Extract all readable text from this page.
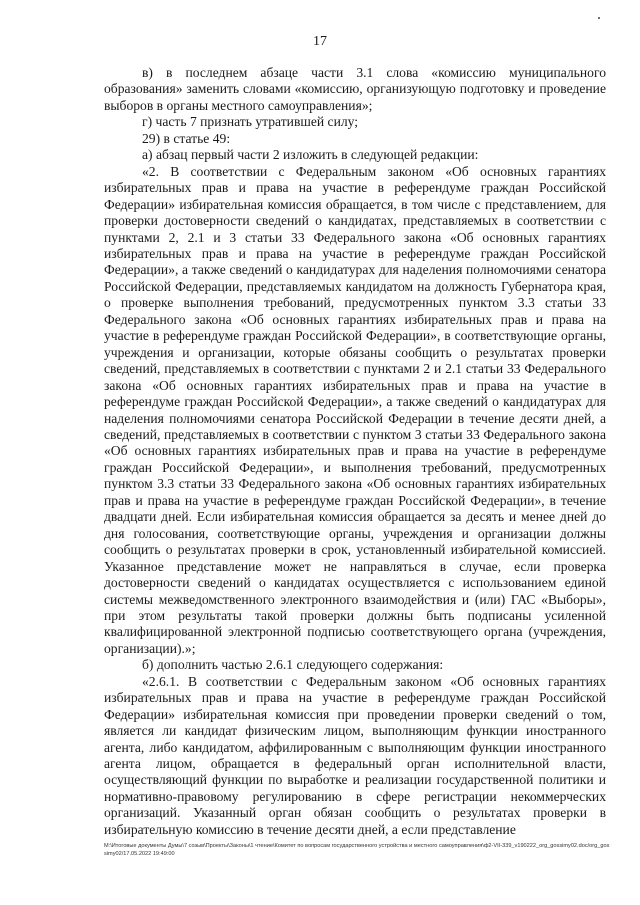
17

в) в последнем абзаце части 3.1 слова «комиссию муниципального образования» заменить словами «комиссию, организующую подготовку и проведение выборов в органы местного самоуправления»;

г) часть 7 признать утратившей силу;

29) в статье 49:

а) абзац первый части 2 изложить в следующей редакции:

«2. В соответствии с Федеральным законом «Об основных гарантиях избирательных прав и права на участие в референдуме граждан Российской Федерации» избирательная комиссия обращается, в том числе с представлением, для проверки достоверности сведений о кандидатах, представляемых в соответствии с пунктами 2, 2.1 и 3 статьи 33 Федерального закона «Об основных гарантиях избирательных прав и права на участие в референдуме граждан Российской Федерации», а также сведений о кандидатурах для наделения полномочиями сенатора Российской Федерации, представляемых кандидатом на должность Губернатора края, о проверке выполнения требований, предусмотренных пунктом 3.3 статьи 33 Федерального закона «Об основных гарантиях избирательных прав и права на участие в референдуме граждан Российской Федерации», в соответствующие органы, учреждения и организации, которые обязаны сообщить о результатах проверки сведений, представляемых в соответствии с пунктами 2 и 2.1 статьи 33 Федерального закона «Об основных гарантиях избирательных прав и права на участие в референдуме граждан Российской Федерации», а также сведений о кандидатурах для наделения полномочиями сенатора Российской Федерации в течение десяти дней, а сведений, представляемых в соответствии с пунктом 3 статьи 33 Федерального закона «Об основных гарантиях избирательных прав и права на участие в референдуме граждан Российской Федерации», и выполнения требований, предусмотренных пунктом 3.3 статьи 33 Федерального закона «Об основных гарантиях избирательных прав и права на участие в референдуме граждан Российской Федерации», в течение двадцати дней. Если избирательная комиссия обращается за десять и менее дней до дня голосования, соответствующие органы, учреждения и организации должны сообщить о результатах проверки в срок, установленный избирательной комиссией. Указанное представление может не направляться в случае, если проверка достоверности сведений о кандидатах осуществляется с использованием единой системы межведомственного электронного взаимодействия и (или) ГАС «Выборы», при этом результаты такой проверки должны быть подписаны усиленной квалифицированной электронной подписью соответствующего органа (учреждения, организации).»;

б) дополнить частью 2.6.1 следующего содержания:

«2.6.1. В соответствии с Федеральным законом «Об основных гарантиях избирательных прав и права на участие в референдуме граждан Российской Федерации» избирательная комиссия при проведении проверки сведений о том, является ли кандидат физическим лицом, выполняющим функции иностранного агента, либо кандидатом, аффилированным с выполняющим функции иностранного агента лицом, обращается в федеральный орган исполнительной власти, осуществляющий функции по выработке и реализации государственной политики и нормативно-правовому регулированию в сфере регистрации некоммерческих организаций. Указанный орган обязан сообщить о результатах проверки в избирательную комиссию в течение десяти дней, а если представление

M:\Итоговые документы Думы\7 созыв\Проекты\Законы\1 чтение\Комитет по вопросам государственного устройства и местного самоуправления\ф2-VII-339_v190222_org_gossimy02.doc/org_gossimy02/17.05.2022 19:49:00
